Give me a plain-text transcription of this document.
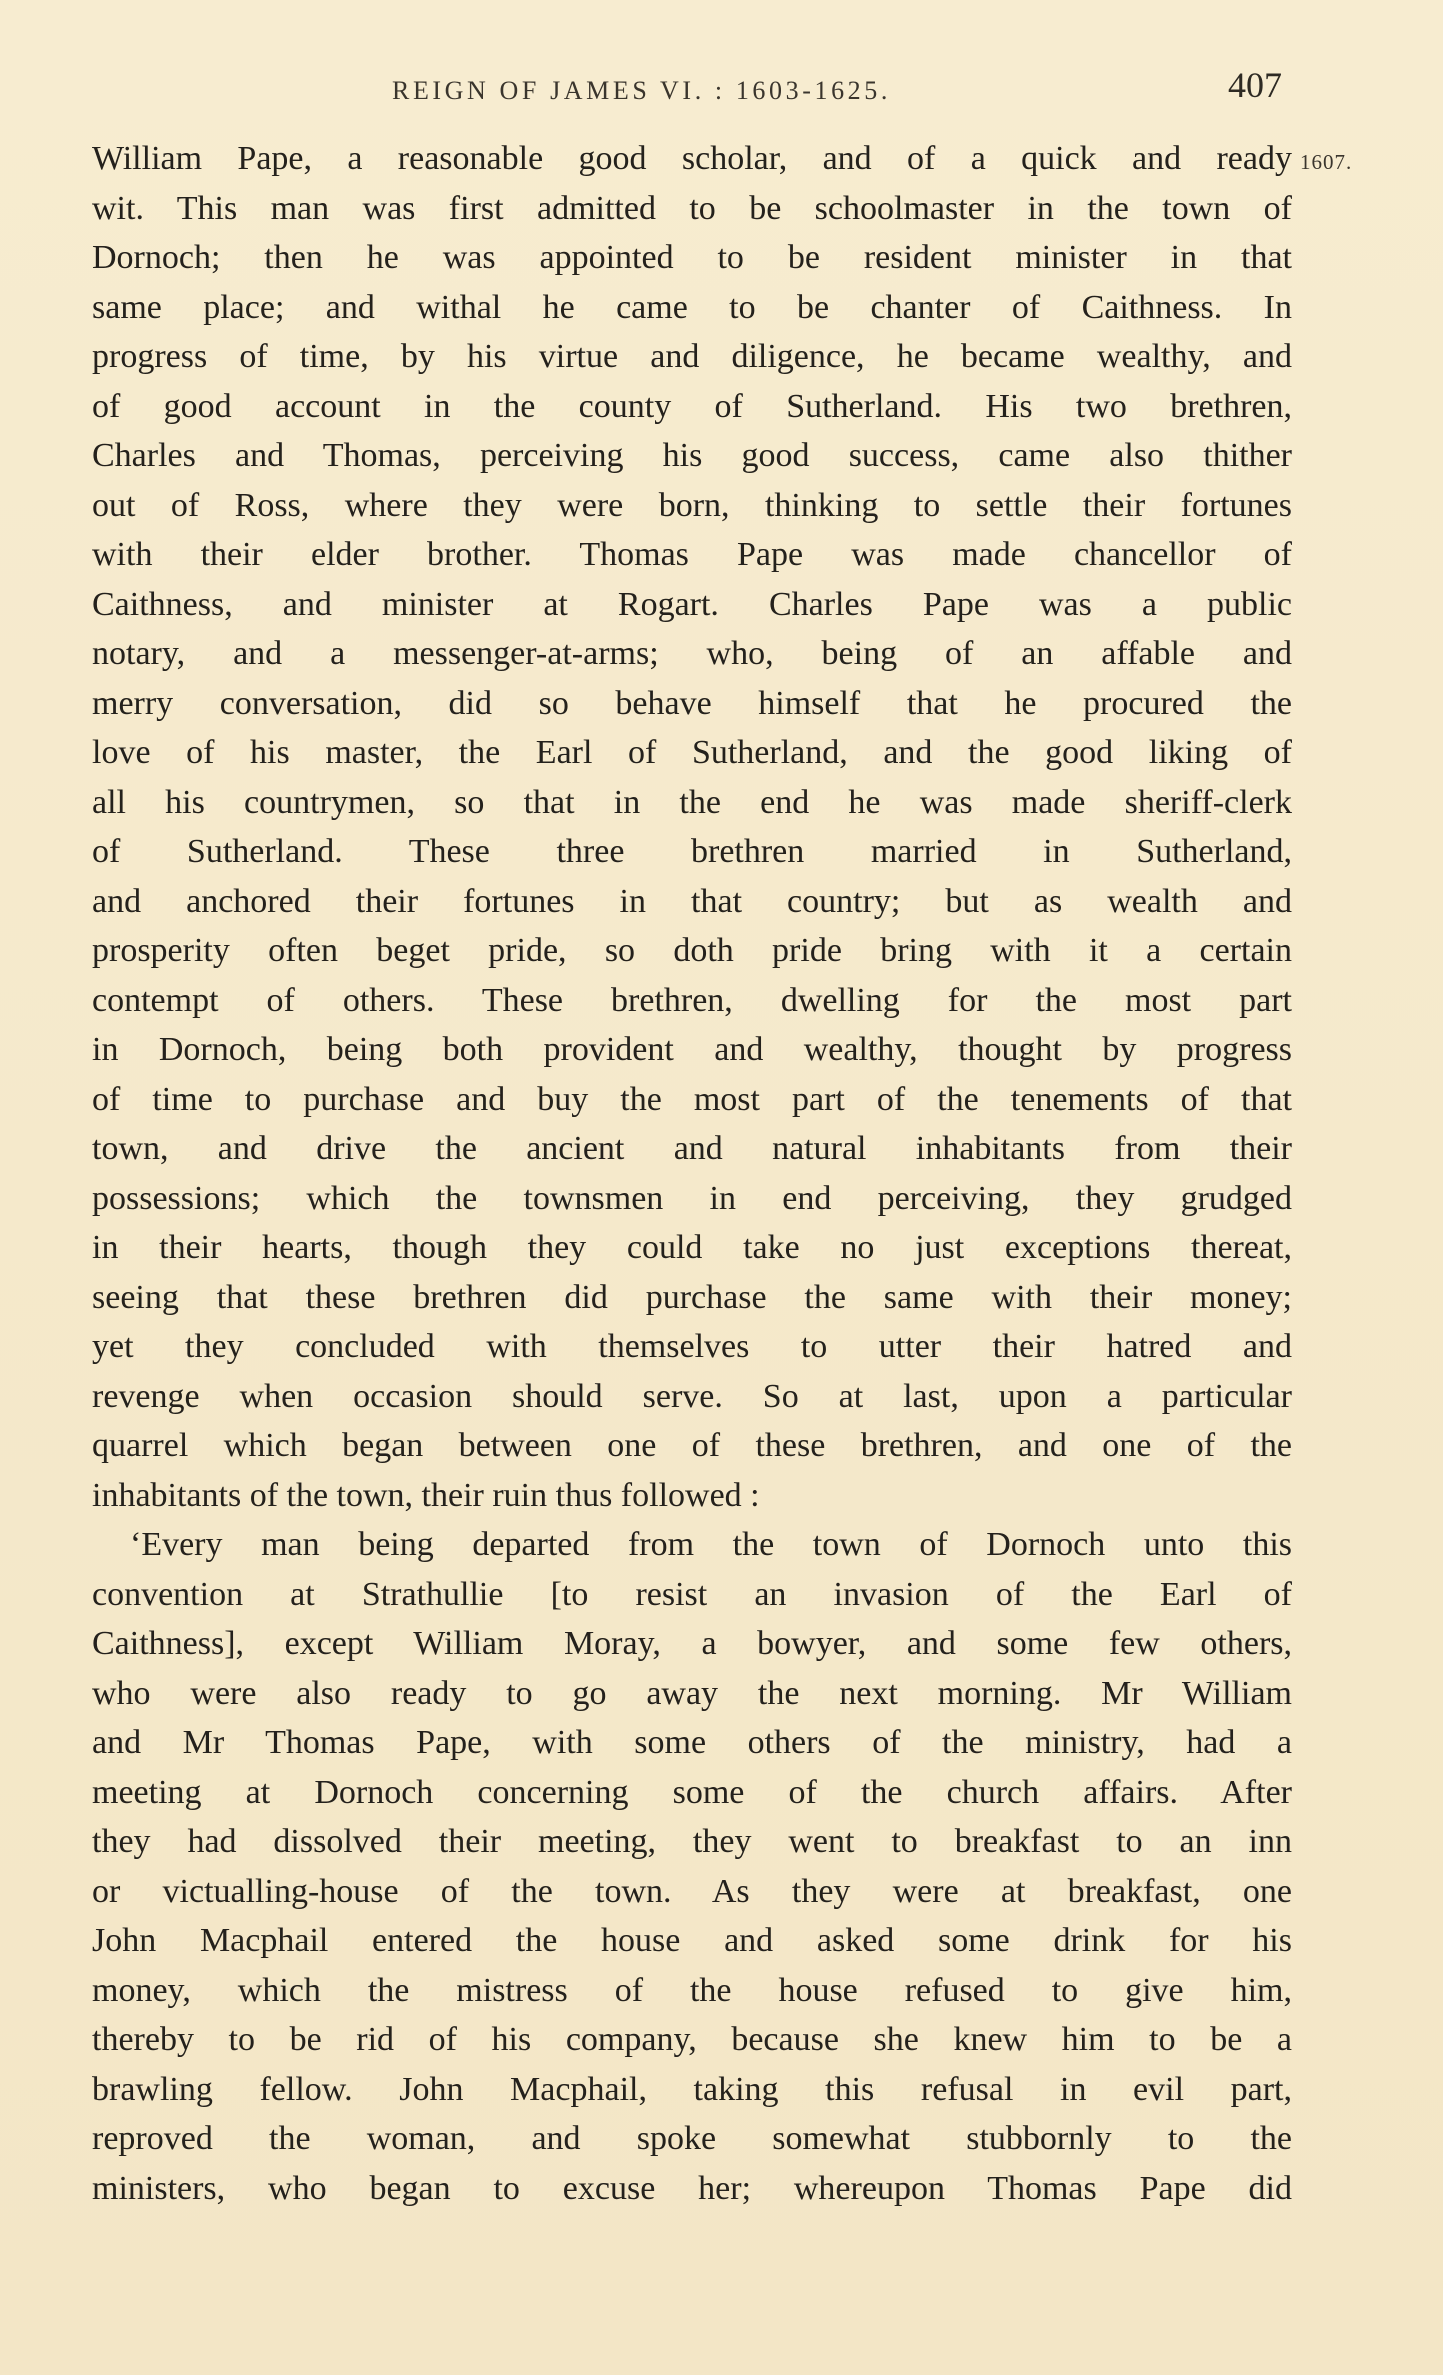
REIGN OF JAMES VI. : 1603-1625.	407
1607.
William Pape, a reasonable good scholar, and of a quick and ready
wit. This man was first admitted to be schoolmaster in the town of
Dornoch; then he was appointed to be resident minister in that
same place; and withal he came to be chanter of Caithness. In
progress of time, by his virtue and diligence, he became wealthy, and
of good account in the county of Sutherland. His two brethren,
Charles and Thomas, perceiving his good success, came also thither
out of Ross, where they were born, thinking to settle their fortunes
with their elder brother. Thomas Pape was made chancellor of
Caithness, and minister at Rogart. Charles Pape was a public
notary, and a messenger-at-arms; who, being of an affable and
merry conversation, did so behave himself that he procured the
love of his master, the Earl of Sutherland, and the good liking of
all his countrymen, so that in the end he was made sheriff-clerk
of Sutherland. These three brethren married in Sutherland,
and anchored their fortunes in that country; but as wealth and
prosperity often beget pride, so doth pride bring with it a certain
contempt of others. These brethren, dwelling for the most part
in Dornoch, being both provident and wealthy, thought by progress
of time to purchase and buy the most part of the tenements of that
town, and drive the ancient and natural inhabitants from their
possessions; which the townsmen in end perceiving, they grudged
in their hearts, though they could take no just exceptions thereat,
seeing that these brethren did purchase the same with their money;
yet they concluded with themselves to utter their hatred and
revenge when occasion should serve. So at last, upon a particular
quarrel which began between one of these brethren, and one of the
inhabitants of the town, their ruin thus followed :
‘Every man being departed from the town of Dornoch unto this
convention at Strathullie [to resist an invasion of the Earl of
Caithness], except William Moray, a bowyer, and some few others,
who were also ready to go away the next morning. Mr William
and Mr Thomas Pape, with some others of the ministry, had a
meeting at Dornoch concerning some of the church affairs. After
they had dissolved their meeting, they went to breakfast to an inn
or victualling-house of the town. As they were at breakfast, one
John Macphail entered the house and asked some drink for his
money, which the mistress of the house refused to give him,
thereby to be rid of his company, because she knew him to be a
brawling fellow. John Macphail, taking this refusal in evil part,
reproved the woman, and spoke somewhat stubbornly to the
ministers, who began to excuse her; whereupon Thomas Pape did
